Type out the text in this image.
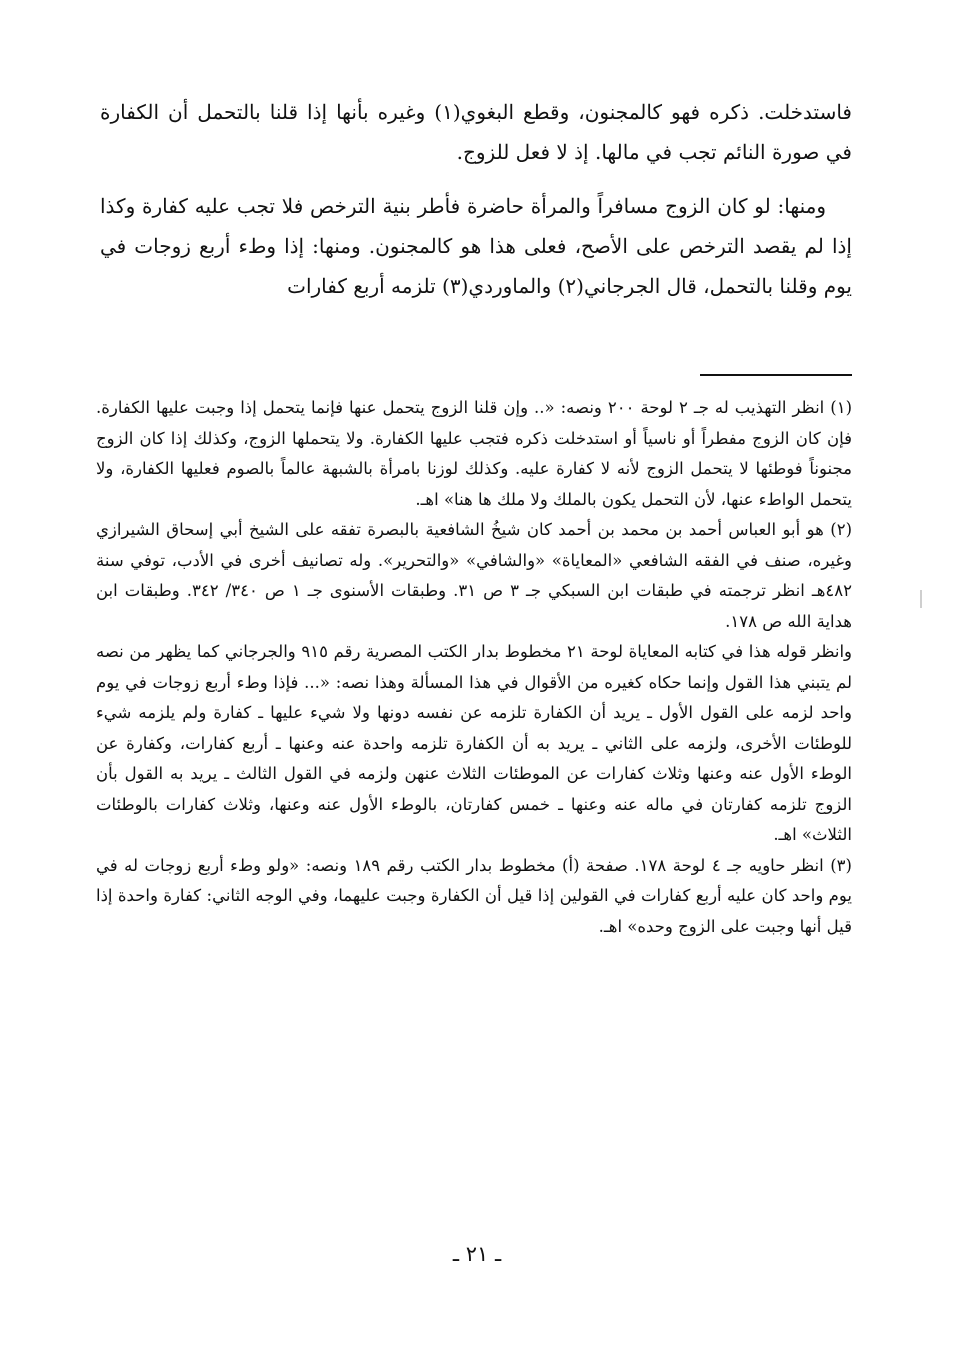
فاستدخلت. ذكره فهو كالمجنون، وقطع البغوي(١) وغيره بأنها إذا قلنا بالتحمل أن الكفارة في صورة النائم تجب في مالها. إذ لا فعل للزوج.

ومنها: لو كان الزوج مسافراً والمرأة حاضرة فأطر بنية الترخص فلا تجب عليه كفارة وكذا إذا لم يقصد الترخص على الأصح، فعلى هذا هو كالمجنون. ومنها: إذا وطء أربع زوجات في يوم وقلنا بالتحمل، قال الجرجاني(٢) والماوردي(٣) تلزمه أربع كفارات

(١) انظر التهذيب له جـ ٢ لوحة ٢٠٠ ونصه: «.. وإن قلنا الزوج يتحمل عنها فإنما يتحمل إذا وجبت عليها الكفارة. فإن كان الزوج مفطراً أو ناسياً أو استدخلت ذكره فتجب عليها الكفارة. ولا يتحملها الزوج، وكذلك إذا كان الزوج مجنوناً فوطئها لا يتحمل الزوج لأنه لا كفارة عليه. وكذلك لوزنا بامرأة بالشبهة عالماً بالصوم فعليها الكفارة، ولا يتحمل الواطء عنها، لأن التحمل يكون بالملك ولا ملك ها هنا» اهـ.

(٢) هو أبو العباس أحمد بن محمد بن أحمد كان شيخُ الشافعية بالبصرة تفقه على الشيخ أبي إسحاق الشيرازي وغيره، صنف في الفقه الشافعي «المعاياة» «والشافي» «والتحرير». وله تصانيف أخرى في الأدب، توفي سنة ٤٨٢هـ انظر ترجمته في طبقات ابن السبكي جـ ٣ ص ٣١. وطبقات الأسنوى جـ ١ ص ٣٤٠/ ٣٤٢. وطبقات ابن هداية الله ص ١٧٨.

وانظر قوله هذا في كتابه المعاياة لوحة ٢١ مخطوط بدار الكتب المصرية رقم ٩١٥ والجرجاني كما يظهر من نصه لم يتبني هذا القول وإنما حكاه كغيره من الأقوال في هذا المسألة وهذا نصه: «... فإذا وطء أربع زوجات في يوم واحد لزمه على القول الأول ـ يريد أن الكفارة تلزمه عن نفسه دونها ولا شيء عليها ـ كفارة ولم يلزمه شيء للوطئات الأخرى، ولزمه على الثاني ـ يريد به أن الكفارة تلزمه واحدة عنه وعنها ـ أربع كفارات، وكفارة عن الوطء الأول عنه وعنها وثلاث كفارات عن الموطئات الثلاث عنهن ولزمه في القول الثالث ـ يريد به القول بأن الزوج تلزمه كفارتان في ماله عنه وعنها ـ خمس كفارتان، بالوطء الأول عنه وعنها، وثلاث كفارات بالوطئات الثلاث» اهـ.

(٣) انظر حاويه جـ ٤ لوحة ١٧٨. صفحة (أ) مخطوط بدار الكتب رقم ١٨٩ ونصه: «ولو وطء أربع زوجات له في يوم واحد كان عليه أربع كفارات في القولين إذا قيل أن الكفارة وجبت عليهما، وفي الوجه الثاني: كفارة واحدة إذا قيل أنها وجبت على الزوج وحده» اهـ.

ـ ٢١ ـ
